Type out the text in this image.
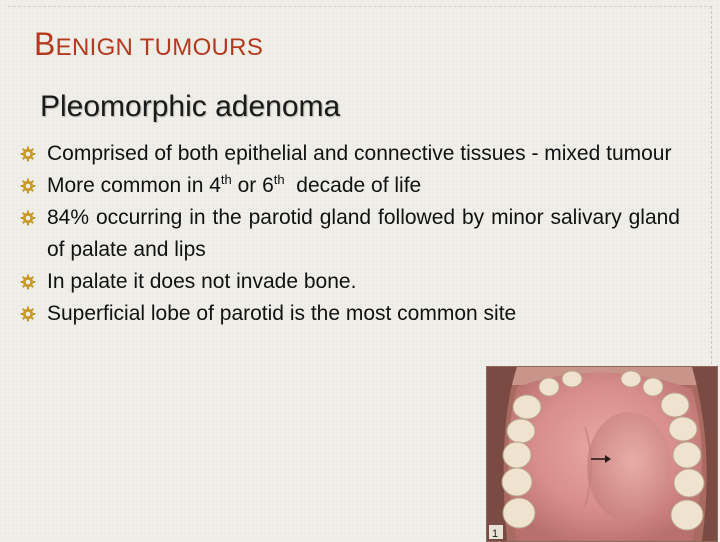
BENIGN TUMOURS
Pleomorphic adenoma
Comprised of both epithelial and connective tissues - mixed tumour
More common in 4th or 6th  decade of life
84% occurring in the parotid gland followed by minor salivary gland of palate and lips
In palate it does not invade bone.
Superficial lobe of parotid is the most common site
1
